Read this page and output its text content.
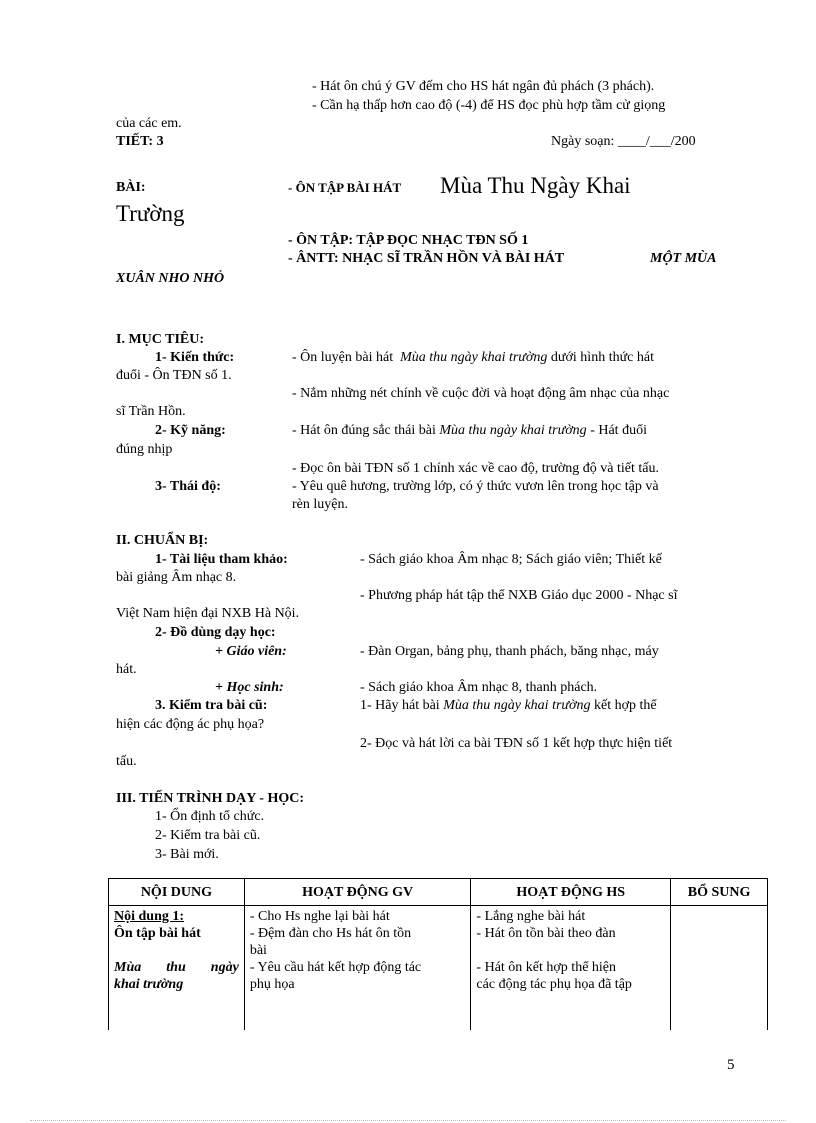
- Hát ôn chú ý GV đếm cho HS hát ngân đủ phách (3 phách).
- Cần hạ thấp hơn cao độ (-4) để HS đọc phù hợp tầm cử giọng
của các em.
TIẾT: 3	Ngày soạn: ____/___/200
BÀI:	- ÔN TẬP BÀI HÁT Mùa Thu Ngày Khai
Trường
- ÔN TẬP: TẬP ĐỌC NHẠC TĐN SỐ 1
- ÂNTT: NHẠC SĨ TRẦN HỒN VÀ BÀI HÁT	MỘT MÙA
XUÂN NHO NHỎ
I. MỤC TIÊU:
1- Kiến thức:	- Ôn luyện bài hát Mùa thu ngày khai trường dưới hình thức hát
đuổi - Ôn TĐN số 1.
- Nắm những nét chính về cuộc đời và hoạt động âm nhạc của nhạc
sĩ Trần Hồn.
2- Kỹ năng:	- Hát ôn đúng sắc thái bài Mùa thu ngày khai trường - Hát đuổi
đúng nhịp
- Đọc ôn bài TĐN số 1 chính xác về cao độ, trường độ và tiết tấu.
3- Thái độ:	- Yêu quê hương, trường lớp, có ý thức vươn lên trong học tập và
rèn luyện.
II. CHUẨN BỊ:
1- Tài liệu tham khảo:	- Sách giáo khoa Âm nhạc 8; Sách giáo viên; Thiết kế
bài giảng Âm nhạc 8.
- Phương pháp hát tập thể NXB Giáo dục 2000 - Nhạc sĩ
Việt Nam hiện đại NXB Hà Nội.
2- Đồ dùng dạy học:
+ Giáo viên:	- Đàn Organ, bảng phụ, thanh phách, băng nhạc, máy
hát.
+ Học sinh:	- Sách giáo khoa Âm nhạc 8, thanh phách.
3. Kiểm tra bài cũ:	1- Hãy hát bài Mùa thu ngày khai trường kết hợp thể
hiện các động ác phụ họa?
2- Đọc và hát lời ca bài TĐN số 1 kết hợp thực hiện tiết
tấu.
III. TIẾN TRÌNH DẠY - HỌC:
1- Ổn định tổ chức.
2- Kiểm tra bài cũ.
3- Bài mới.
NỘI DUNG	HOẠT ĐỘNG GV	HOẠT ĐỘNG HS	BỔ SUNG

Nội dung 1:
Ôn tập bài hát

Mùa thu ngày
khai trường	- Cho Hs nghe lại bài hát
- Đệm đàn cho Hs hát ôn tồn
bài
- Yêu cầu hát kết hợp động tác
phụ họa	- Lắng nghe bài hát
- Hát ôn tồn bài theo đàn

- Hát ôn kết hợp thể hiện
các động tác phụ họa đã tập	

5
